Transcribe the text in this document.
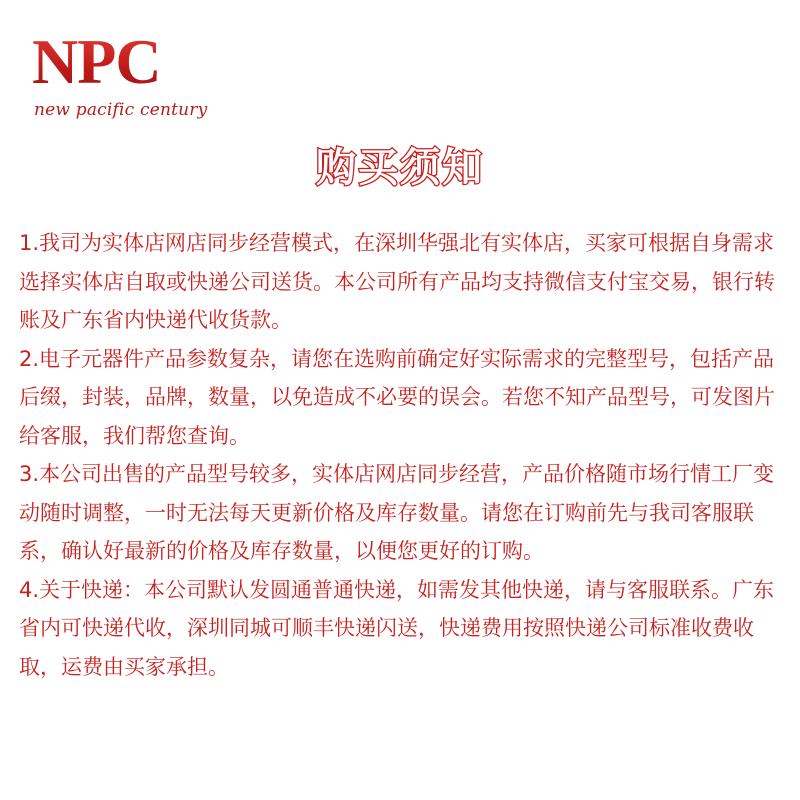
NPC
new pacific century
购买须知

1.我司为实体店网店同步经营模式，在深圳华强北有实体店，买家可根据自身需求选择实体店自取或快递公司送货。本公司所有产品均支持微信支付宝交易，银行转账及广东省内快递代收货款。

2.电子元器件产品参数复杂，请您在选购前确定好实际需求的完整型号，包括产品后缀，封装，品牌，数量，以免造成不必要的误会。若您不知产品型号，可发图片给客服，我们帮您查询。

3.本公司出售的产品型号较多，实体店网店同步经营，产品价格随市场行情工厂变动随时调整，一时无法每天更新价格及库存数量。请您在订购前先与我司客服联系，确认好最新的价格及库存数量，以便您更好的订购。

4.关于快递：本公司默认发圆通普通快递，如需发其他快递，请与客服联系。广东省内可快递代收，深圳同城可顺丰快递闪送，快递费用按照快递公司标准收费收取，运费由买家承担。
